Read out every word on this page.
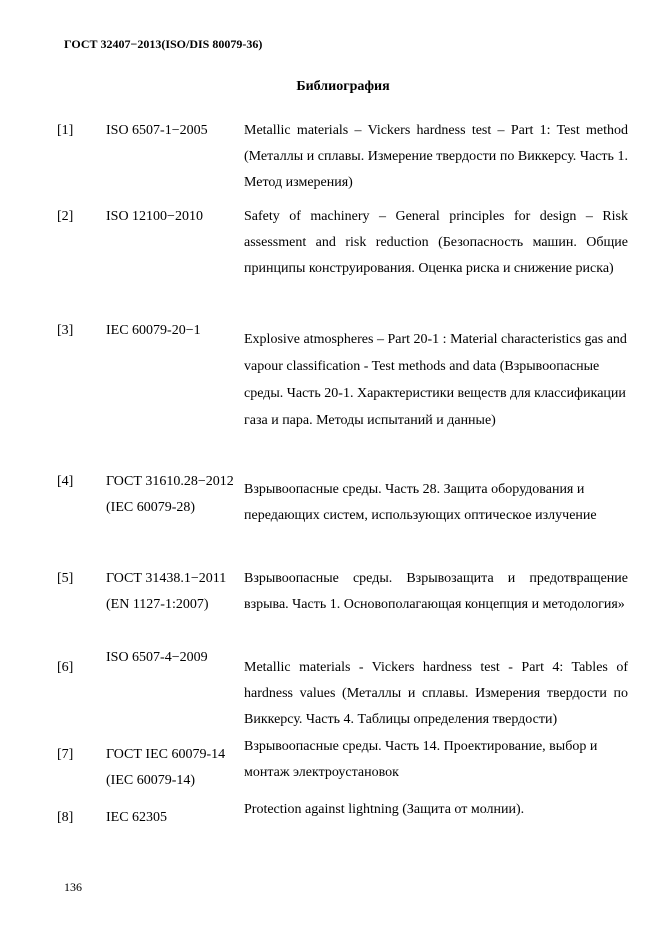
ГОСТ 32407−2013(ISO/DIS 80079-36)
Библиография
[1] ISO 6507-1−2005	Metallic materials – Vickers hardness test – Part 1: Test method (Металлы и сплавы. Измерение твердости по Виккерсу. Часть 1. Метод измерения)
[2] ISO 12100−2010	Safety of machinery – General principles for design – Risk assessment and risk reduction (Безопасность машин. Общие принципы конструирования. Оценка риска и снижение риска)
[3] IEC 60079-20−1
Explosive atmospheres – Part 20-1 : Material characteristics gas and vapour classification - Test methods and data (Взрывоопасные среды. Часть 20-1. Характеристики веществ для классификации газа и пара. Методы испытаний и данные)
[4] ГОСТ 31610.28−2012 (IEC 60079-28)
Взрывоопасные среды. Часть 28. Защита оборудования и передающих систем, использующих оптическое излучение
[5] ГОСТ 31438.1−2011 (EN 1127-1:2007)
Взрывоопасные среды. Взрывозащита и предотвращение взрыва. Часть 1. Основополагающая концепция и методология»
[6]
ISO 6507-4−2009
Metallic materials - Vickers hardness test - Part 4: Tables of hardness values (Металлы и сплавы. Измерения твердости по Виккерсу. Часть 4. Таблицы определения твердости)
[7] ГОСТ IEC 60079-14 (IEC 60079-14)
Взрывоопасные среды. Часть 14. Проектирование, выбор и монтаж электроустановок
[8] IEC 62305
Protection against lightning (Защита от молнии).
136
